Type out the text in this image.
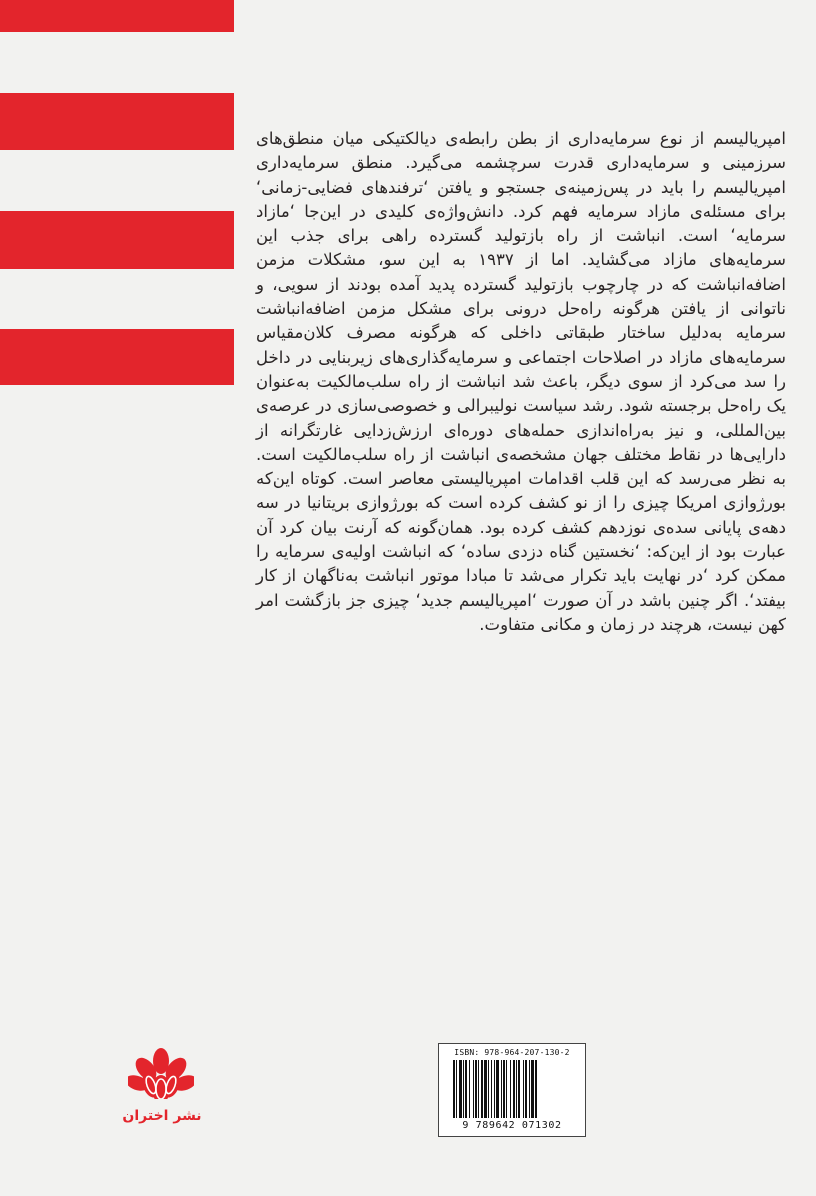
امپریالیسم از نوع سرمایه‌داری از بطن رابطه‌ی دیالکتیکی میان منطق‌های سرزمینی و سرمایه‌داری قدرت سرچشمه می‌گیرد. منطق سرمایه‌داری امپریالیسم را باید در پس‌زمینه‌ی جستجو و یافتن ‘ترفندهای فضایی-زمانی‘ برای مسئله‌ی مازاد سرمایه فهم کرد. دانش‌واژه‌ی کلیدی در این‌جا ‘مازاد سرمایه‘ است. انباشت از راه بازتولید گسترده راهی برای جذب این سرمایه‌های مازاد می‌گشاید. اما از ۱۹۳۷ به این سو، مشکلات مزمن اضافه‌انباشت که در چارچوب بازتولید گسترده پدید آمده بودند از سویی، و ناتوانی از یافتن هرگونه راه‌حل درونی برای مشکل مزمن اضافه‌انباشت سرمایه به‌دلیل ساختار طبقاتی داخلی که هرگونه مصرف کلان‌مقیاس سرمایه‌های مازاد در اصلاحات اجتماعی و سرمایه‌گذاری‌های زیربنایی در داخل را سد می‌کرد از سوی دیگر، باعث شد انباشت از راه سلب‌مالکیت به‌عنوان یک راه‌حل برجسته شود. رشد سیاست نولیبرالی و خصوصی‌سازی در عرصه‌ی بین‌المللی، و نیز به‌راه‌اندازی حمله‌های دوره‌ای ارزش‌زدایی غارتگرانه از دارایی‌ها در نقاط مختلف جهان مشخصه‌ی انباشت از راه سلب‌مالکیت است. به نظر می‌رسد که این قلب اقدامات امپریالیستی معاصر است. کوتاه این‌که بورژوازی امریکا چیزی را از نو کشف کرده است که بورژوازی بریتانیا در سه دهه‌ی پایانی سده‌ی نوزدهم کشف کرده بود. همان‌گونه که آرنت بیان کرد آن عبارت بود از این‌که: ‘نخستین گناه دزدی ساده‘ که انباشت اولیه‌ی سرمایه را ممکن کرد ‘در نهایت باید تکرار می‌شد تا مبادا موتور انباشت به‌ناگهان از کار بیفتد‘. اگر چنین باشد در آن صورت ‘امپریالیسم جدید‘ چیزی جز بازگشت امر کهن نیست، هرچند در زمان و مکانی متفاوت.

نشر اختران
ISBN: 978-964-207-130-2
9 789642 071302
